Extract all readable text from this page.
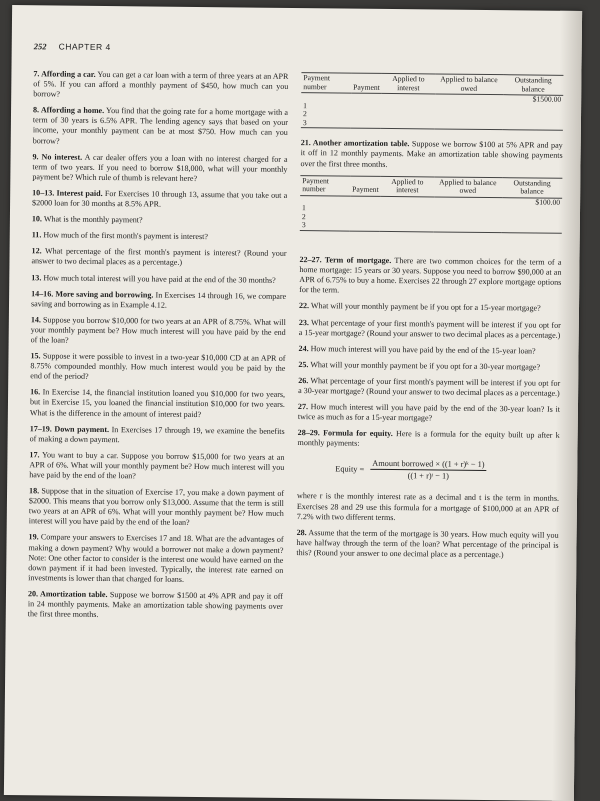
252 CHAPTER 4

7. Affording a car. You can get a car loan with a term of three years at an APR of 5%. If you can afford a monthly payment of $450, how much can you borrow?

8. Affording a home. You find that the going rate for a home mortgage with a term of 30 years is 6.5% APR. The lending agency says that based on your income, your monthly payment can be at most $750. How much can you borrow?

9. No interest. A car dealer offers you a loan with no interest charged for a term of two years. If you need to borrow $18,000, what will your monthly payment be? Which rule of thumb is relevant here?

10–13. Interest paid. For Exercises 10 through 13, assume that you take out a $2000 loan for 30 months at 8.5% APR.

10. What is the monthly payment?

11. How much of the first month's payment is interest?

12. What percentage of the first month's payment is interest? (Round your answer to two decimal places as a percentage.)

13. How much total interest will you have paid at the end of the 30 months?

14–16. More saving and borrowing. In Exercises 14 through 16, we compare saving and borrowing as in Example 4.12.

14. Suppose you borrow $10,000 for two years at an APR of 8.75%. What will your monthly payment be? How much interest will you have paid by the end of the loan?

15. Suppose it were possible to invest in a two-year $10,000 CD at an APR of 8.75% compounded monthly. How much interest would you be paid by the end of the period?

16. In Exercise 14, the financial institution loaned you $10,000 for two years, but in Exercise 15, you loaned the financial institution $10,000 for two years. What is the difference in the amount of interest paid?

17–19. Down payment. In Exercises 17 through 19, we examine the benefits of making a down payment.

17. You want to buy a car. Suppose you borrow $15,000 for two years at an APR of 6%. What will your monthly payment be? How much interest will you have paid by the end of the loan?

18. Suppose that in the situation of Exercise 17, you make a down payment of $2000. This means that you borrow only $13,000. Assume that the term is still two years at an APR of 6%. What will your monthly payment be? How much interest will you have paid by the end of the loan?

19. Compare your answers to Exercises 17 and 18. What are the advantages of making a down payment? Why would a borrower not make a down payment? Note: One other factor to consider is the interest one would have earned on the down payment if it had been invested. Typically, the interest rate earned on investments is lower than that charged for loans.

20. Amortization table. Suppose we borrow $1500 at 4% APR and pay it off in 24 monthly payments. Make an amortization table showing payments over the first three months.

Payment number	Payment	Applied to interest	Applied to balance owed	Outstanding balance
				$1500.00
1				
2				
3				

21. Another amortization table. Suppose we borrow $100 at 5% APR and pay it off in 12 monthly payments. Make an amortization table showing payments over the first three months.

Payment number	Payment	Applied to interest	Applied to balance owed	Outstanding balance
				$100.00
1				
2				
3				

22–27. Term of mortgage. There are two common choices for the term of a home mortgage: 15 years or 30 years. Suppose you need to borrow $90,000 at an APR of 6.75% to buy a home. Exercises 22 through 27 explore mortgage options for the term.

22. What will your monthly payment be if you opt for a 15-year mortgage?

23. What percentage of your first month's payment will be interest if you opt for a 15-year mortgage? (Round your answer to two decimal places as a percentage.)

24. How much interest will you have paid by the end of the 15-year loan?

25. What will your monthly payment be if you opt for a 30-year mortgage?

26. What percentage of your first month's payment will be interest if you opt for a 30-year mortgage? (Round your answer to two decimal places as a percentage.)

27. How much interest will you have paid by the end of the 30-year loan? Is it twice as much as for a 15-year mortgage?

28–29. Formula for equity. Here is a formula for the equity built up after k monthly payments:

Equity = $\frac{\text{Amount borrowed × ((1 + r)ᵏ − 1)}}{\text{((1 + r)ᵗ − 1)}}$

where r is the monthly interest rate as a decimal and t is the term in months. Exercises 28 and 29 use this formula for a mortgage of $100,000 at an APR of 7.2% with two different terms.

28. Assume that the term of the mortgage is 30 years. How much equity will you have halfway through the term of the loan? What percentage of the principal is this? (Round your answer to one decimal place as a percentage.)
